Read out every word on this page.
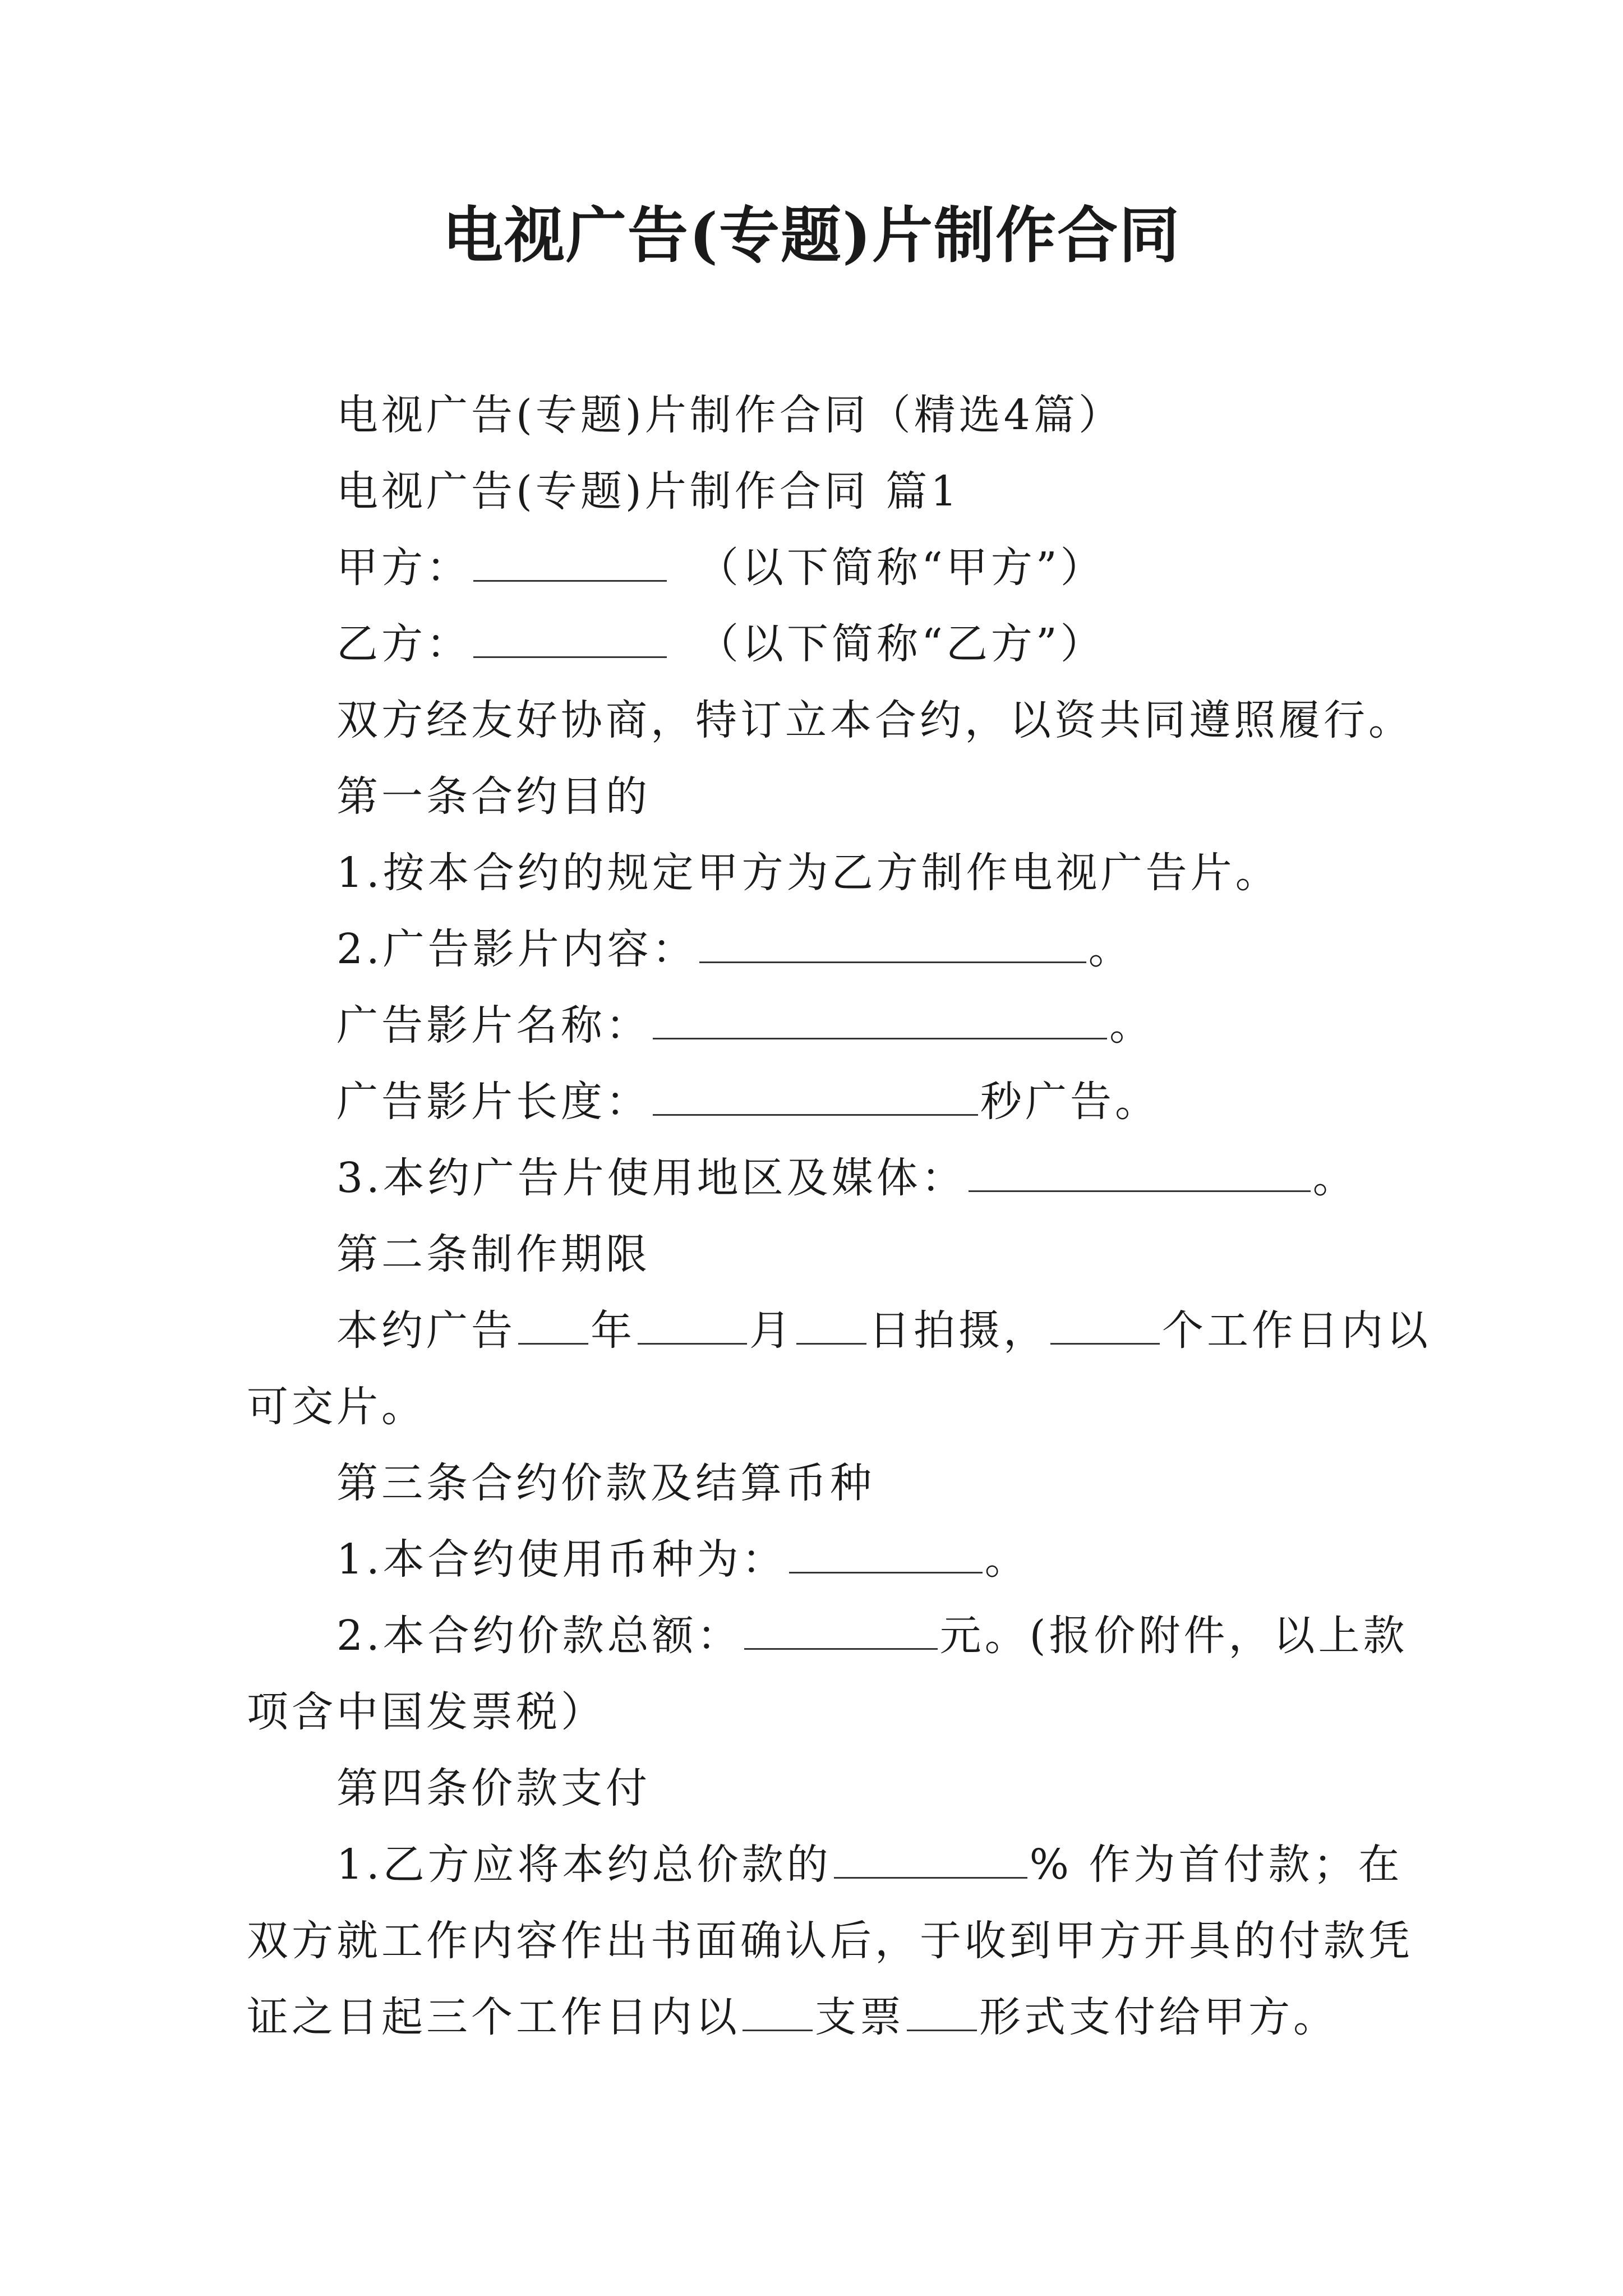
电视广告(专题)片制作合同
电视广告(专题)片制作合同（精选4篇）
电视广告(专题)片制作合同 篇1
甲方：	（以下简称“甲方”）
乙方：	（以下简称“乙方”）
双方经友好协商，特订立本合约，以资共同遵照履行。
第一条合约目的
1.按本合约的规定甲方为乙方制作电视广告片。
2.广告影片内容：	。
广告影片名称：	。
广告影片长度：	秒广告。
3.本约广告片使用地区及媒体：	。
第二条制作期限
本约广告 年	月 日拍摄，	个工作日内以
可交片。
第三条合约价款及结算币种
1.本合约使用币种为：	。
2.本合约价款总额：	元。(报价附件，以上款
项含中国发票税）
第四条价款支付
1.乙方应将本约总价款的	% 作为首付款；在
双方就工作内容作出书面确认后，于收到甲方开具的付款凭
证之日起三个工作日内以 支票 形式支付给甲方。
